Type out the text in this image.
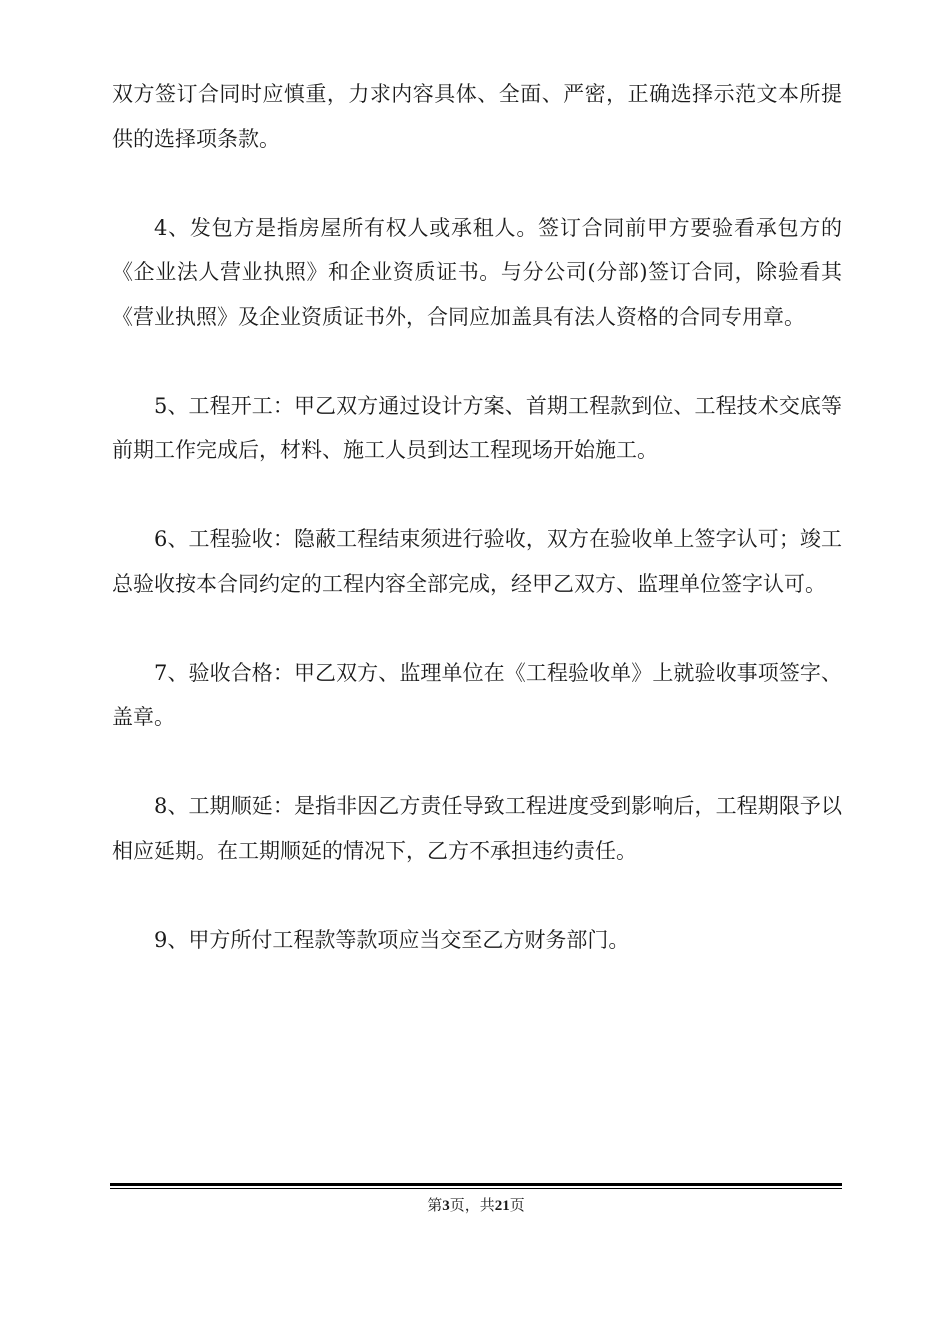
双方签订合同时应慎重，力求内容具体、全面、严密，正确选择示范文本所提供的选择项条款。

4、发包方是指房屋所有权人或承租人。签订合同前甲方要验看承包方的《企业法人营业执照》和企业资质证书。与分公司(分部)签订合同，除验看其《营业执照》及企业资质证书外，合同应加盖具有法人资格的合同专用章。

5、工程开工：甲乙双方通过设计方案、首期工程款到位、工程技术交底等前期工作完成后，材料、施工人员到达工程现场开始施工。

6、工程验收：隐蔽工程结束须进行验收，双方在验收单上签字认可；竣工总验收按本合同约定的工程内容全部完成，经甲乙双方、监理单位签字认可。

7、验收合格：甲乙双方、监理单位在《工程验收单》上就验收事项签字、盖章。

8、工期顺延：是指非因乙方责任导致工程进度受到影响后，工程期限予以相应延期。在工期顺延的情况下，乙方不承担违约责任。

9、甲方所付工程款等款项应当交至乙方财务部门。

第3页，共21页
